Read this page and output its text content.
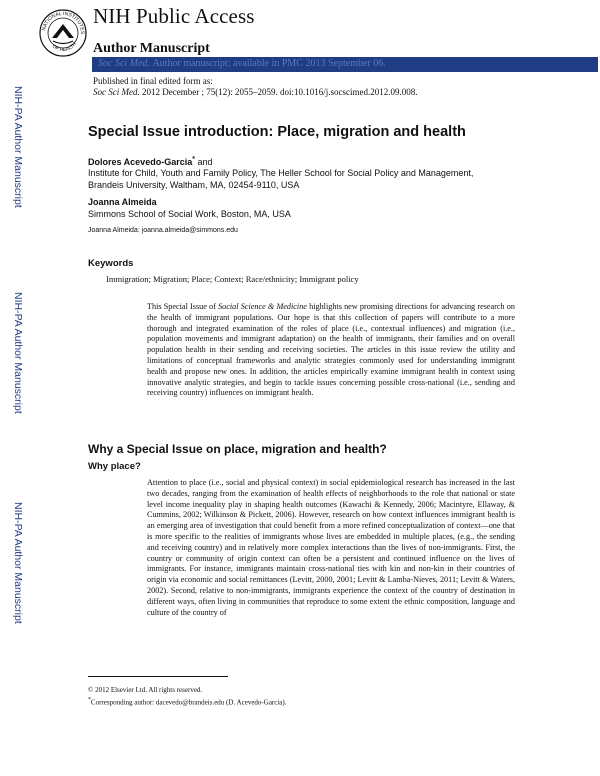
NATIONAL INSTITUTES
OF HEALTH
NIH Public Access
Author Manuscript
Soc Sci Med. Author manuscript; available in PMC 2013 September 06.
Published in final edited form as:
Soc Sci Med. 2012 December ; 75(12): 2055–2059. doi:10.1016/j.socscimed.2012.09.008.
NIH-PA Author Manuscript
NIH-PA Author Manuscript
NIH-PA Author Manuscript
Special Issue introduction: Place, migration and health
Dolores Acevedo-Garcia* and
Institute for Child, Youth and Family Policy, The Heller School for Social Policy and Management,
Brandeis University, Waltham, MA, 02454-9110, USA
Joanna Almeida
Simmons School of Social Work, Boston, MA, USA
Joanna Almeida: joanna.almeida@simmons.edu
Keywords
Immigration; Migration; Place; Context; Race/ethnicity; Immigrant policy
This Special Issue of Social Science & Medicine highlights new promising directions for advancing research on the health of immigrant populations. Our hope is that this collection of papers will contribute to a more thorough and integrated examination of the roles of place (i.e., contextual influences) and migration (i.e., population movements and immigrant adaptation) on the health of immigrants, their families and on overall population health in their sending and receiving societies. The articles in this issue review the utility and limitations of conceptual frameworks and analytic strategies commonly used for understanding immigrant health and propose new ones. In addition, the articles empirically examine immigrant health in context using innovative analytic strategies, and begin to tackle issues concerning possible cross-national (i.e., sending and receiving country) influences on immigrant health.
Why a Special Issue on place, migration and health?
Why place?
Attention to place (i.e., social and physical context) in social epidemiological research has increased in the last two decades, ranging from the examination of health effects of neighborhoods to the role that national or state level income inequality play in shaping health outcomes (Kawachi & Kennedy, 2006; Macintyre, Ellaway, & Cummins, 2002; Wilkinson & Pickett, 2006). However, research on how context influences immigrant health is an emerging area of investigation that could benefit from a more refined conceptualization of context—one that is more specific to the realities of immigrants whose lives are embedded in multiple places, (e.g., the sending and receiving country) and in relatively more complex interactions than the lives of non-immigrants. First, the country or community of origin context can often be a persistent and continued influence on the lives of immigrants. For instance, immigrants maintain cross-national ties with kin and non-kin in their countries of origin via economic and social remittances (Levitt, 2000, 2001; Levitt & Lamba-Nieves, 2011; Levitt & Waters, 2002). Second, relative to non-immigrants, immigrants experience the context of the country of destination in different ways, often living in communities that reproduce to some extent the ethnic composition, language and culture of the country of
© 2012 Elsevier Ltd. All rights reserved.
*Corresponding author: dacevedo@brandeis.edu (D. Acevedo-Garcia).
